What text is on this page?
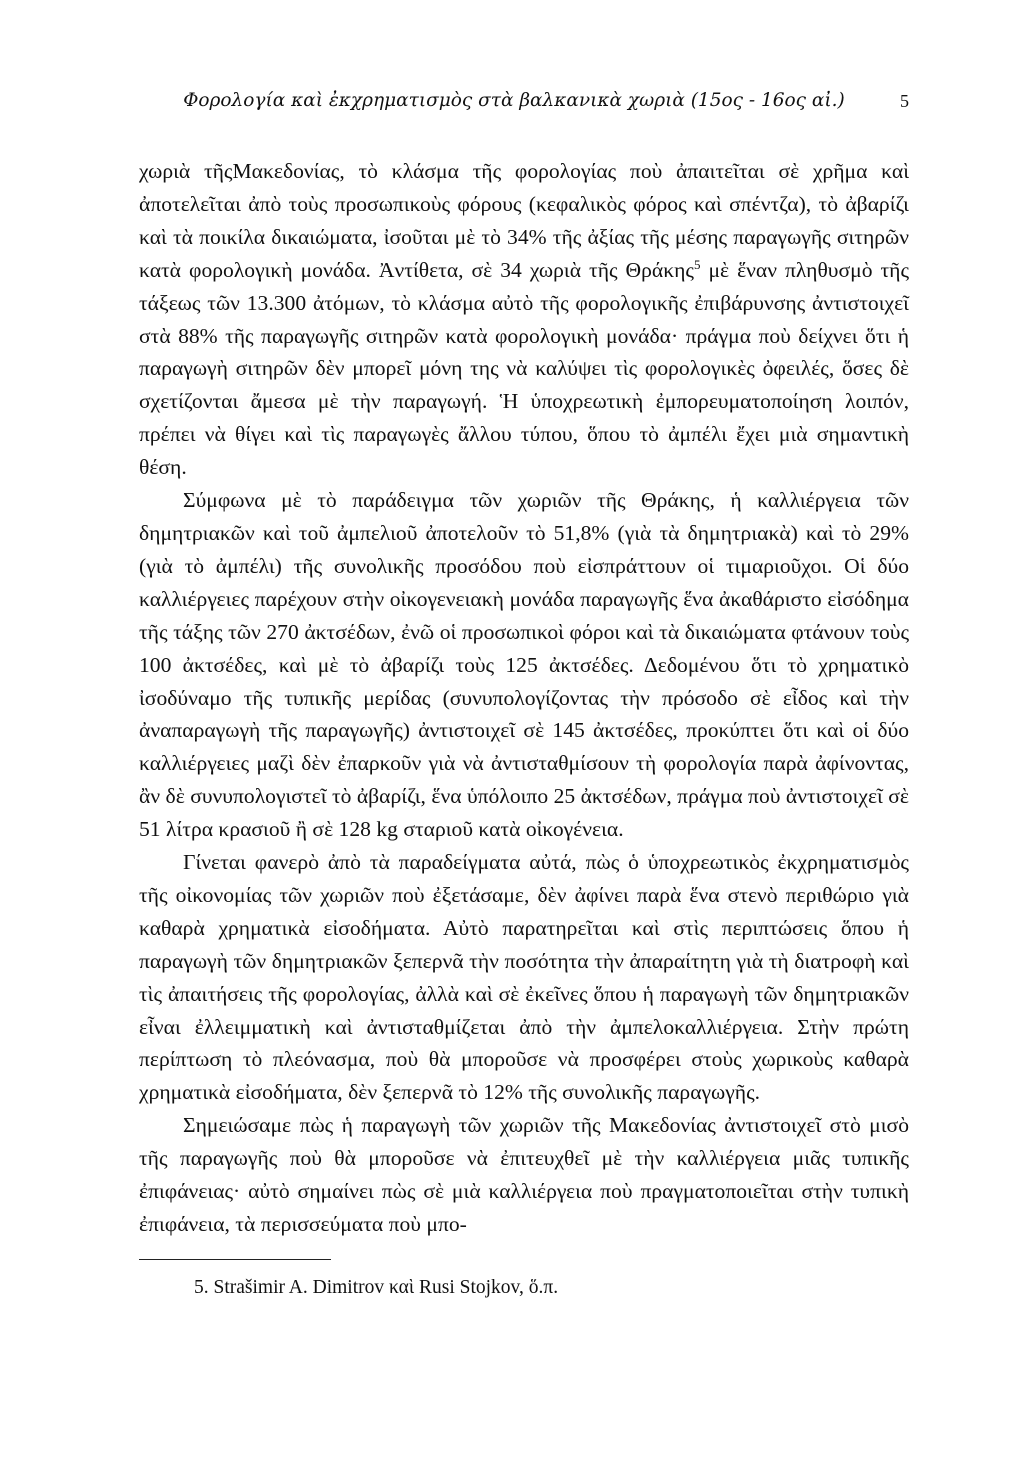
Φορολογία καὶ ἐκχρηματισμὸς στὰ βαλκανικὰ χωριὰ (15ος - 16ος αἰ.)	5

χωριὰ τῆςΜακεδονίας, τὸ κλάσμα τῆς φορολογίας ποὺ ἀπαιτεῖται σὲ χρῆμα καὶ ἀποτελεῖται ἀπὸ τοὺς προσωπικοὺς φόρους (κεφαλικὸς φόρος καὶ σπέντζα), τὸ ἀβαρίζι καὶ τὰ ποικίλα δικαιώματα, ἰσοῦται μὲ τὸ 34% τῆς ἀξίας τῆς μέσης παραγωγῆς σιτηρῶν κατὰ φορολογικὴ μονάδα. Ἀντίθετα, σὲ 34 χωριὰ τῆς Θράκης$^5$ μὲ ἕναν πληθυσμὸ τῆς τάξεως τῶν 13.300 ἀτόμων, τὸ κλάσμα αὐτὸ τῆς φορολογικῆς ἐπιβάρυνσης ἀντιστοιχεῖ στὰ 88% τῆς παραγωγῆς σιτηρῶν κατὰ φορολογικὴ μονάδα· πράγμα ποὺ δείχνει ὅτι ἡ παραγωγὴ σιτηρῶν δὲν μπορεῖ μόνη της νὰ καλύψει τὶς φορολογικὲς ὀφειλές, ὅσες δὲ σχετίζονται ἄμεσα μὲ τὴν παραγωγή. Ἡ ὑποχρεωτικὴ ἐμπορευματοποίηση λοιπόν, πρέπει νὰ θίγει καὶ τὶς παραγωγὲς ἄλλου τύπου, ὅπου τὸ ἀμπέλι ἔχει μιὰ σημαντικὴ θέση.

Σύμφωνα μὲ τὸ παράδειγμα τῶν χωριῶν τῆς Θράκης, ἡ καλλιέργεια τῶν δημητριακῶν καὶ τοῦ ἀμπελιοῦ ἀποτελοῦν τὸ 51,8% (γιὰ τὰ δημητριακὰ) καὶ τὸ 29% (γιὰ τὸ ἀμπέλι) τῆς συνολικῆς προσόδου ποὺ εἰσπράττουν οἱ τιμαριοῦχοι. Οἱ δύο καλλιέργειες παρέχουν στὴν οἰκογενειακὴ μονάδα παραγωγῆς ἕνα ἀκαθάριστο εἰσόδημα τῆς τάξης τῶν 270 ἀκτσέδων, ἐνῶ οἱ προσωπικοὶ φόροι καὶ τὰ δικαιώματα φτάνουν τοὺς 100 ἀκτσέδες, καὶ μὲ τὸ ἀβαρίζι τοὺς 125 ἀκτσέδες. Δεδομένου ὅτι τὸ χρηματικὸ ἰσοδύναμο τῆς τυπικῆς μερίδας (συνυπολογίζοντας τὴν πρόσοδο σὲ εἶδος καὶ τὴν ἀναπαραγωγὴ τῆς παραγωγῆς) ἀντιστοιχεῖ σὲ 145 ἀκτσέδες, προκύπτει ὅτι καὶ οἱ δύο καλλιέργειες μαζὶ δὲν ἐπαρκοῦν γιὰ νὰ ἀντισταθμίσουν τὴ φορολογία παρὰ ἀφίνοντας, ἂν δὲ συνυπολογιστεῖ τὸ ἀβαρίζι, ἕνα ὑπόλοιπο 25 ἀκτσέδων, πράγμα ποὺ ἀντιστοιχεῖ σὲ 51 λίτρα κρασιοῦ ἢ σὲ 128 kg σταριοῦ κατὰ οἰκογένεια.

Γίνεται φανερὸ ἀπὸ τὰ παραδείγματα αὐτά, πὼς ὁ ὑποχρεωτικὸς ἐκχρηματισμὸς τῆς οἰκονομίας τῶν χωριῶν ποὺ ἐξετάσαμε, δὲν ἀφίνει παρὰ ἕνα στενὸ περιθώριο γιὰ καθαρὰ χρηματικὰ εἰσοδήματα. Αὐτὸ παρατηρεῖται καὶ στὶς περιπτώσεις ὅπου ἡ παραγωγὴ τῶν δημητριακῶν ξεπερνᾶ τὴν ποσότητα τὴν ἀπαραίτητη γιὰ τὴ διατροφὴ καὶ τὶς ἀπαιτήσεις τῆς φορολογίας, ἀλλὰ καὶ σὲ ἐκεῖνες ὅπου ἡ παραγωγὴ τῶν δημητριακῶν εἶναι ἐλλειμματικὴ καὶ ἀντισταθμίζεται ἀπὸ τὴν ἀμπελοκαλλιέργεια. Στὴν πρώτη περίπτωση τὸ πλεόνασμα, ποὺ θὰ μποροῦσε νὰ προσφέρει στοὺς χωρικοὺς καθαρὰ χρηματικὰ εἰσοδήματα, δὲν ξεπερνᾶ τὸ 12% τῆς συνολικῆς παραγωγῆς.

Σημειώσαμε πὼς ἡ παραγωγὴ τῶν χωριῶν τῆς Μακεδονίας ἀντιστοιχεῖ στὸ μισὸ τῆς παραγωγῆς ποὺ θὰ μποροῦσε νὰ ἐπιτευχθεῖ μὲ τὴν καλλιέργεια μιᾶς τυπικῆς ἐπιφάνειας· αὐτὸ σημαίνει πὼς σὲ μιὰ καλλιέργεια ποὺ πραγματοποιεῖται στὴν τυπικὴ ἐπιφάνεια, τὰ περισσεύματα ποὺ μπο-

5. Strašimir A. Dimitrov καὶ Rusi Stojkov, ὅ.π.
